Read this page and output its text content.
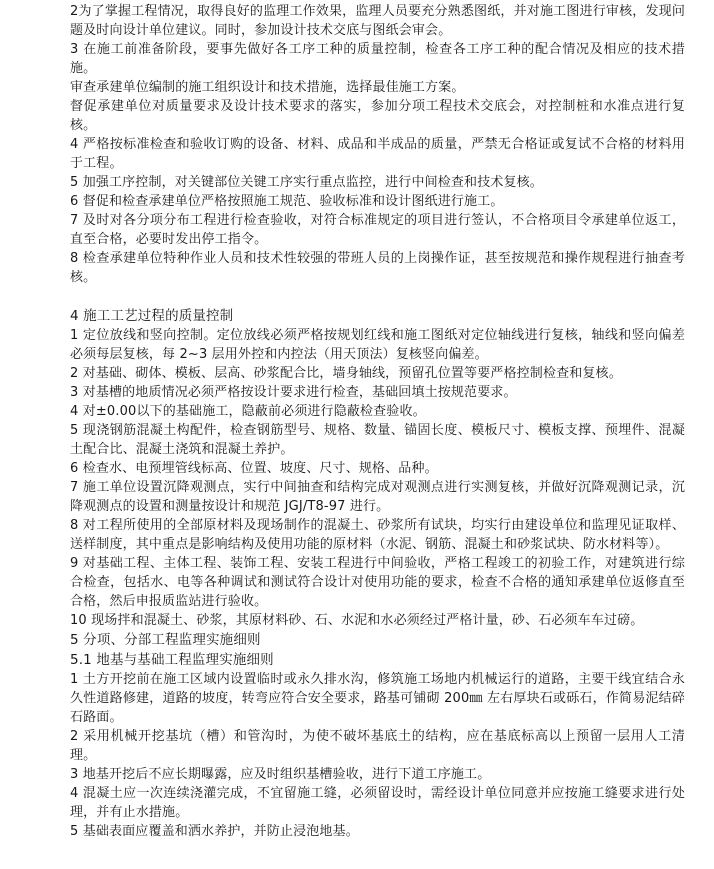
2为了掌握工程情况，取得良好的监理工作效果，监理人员要充分熟悉图纸，并对施工图进行审核，发现问题及时向设计单位建议。同时，参加设计技术交底与图纸会审会。

3 在施工前准备阶段，要事先做好各工序工种的质量控制，检查各工序工种的配合情况及相应的技术措施。

审查承建单位编制的施工组织设计和技术措施，选择最佳施工方案。

督促承建单位对质量要求及设计技术要求的落实，参加分项工程技术交底会，对控制桩和水准点进行复核。

4 严格按标准检查和验收订购的设备、材料、成品和半成品的质量，严禁无合格证或复试不合格的材料用于工程。

5 加强工序控制，对关键部位关键工序实行重点监控，进行中间检查和技术复核。

6 督促和检查承建单位严格按照施工规范、验收标准和设计图纸进行施工。

7 及时对各分项分布工程进行检查验收，对符合标准规定的项目进行签认，不合格项目令承建单位返工，直至合格，必要时发出停工指令。

8 检查承建单位特种作业人员和技术性较强的带班人员的上岗操作证，甚至按规范和操作规程进行抽查考核。

4 施工工艺过程的质量控制

1 定位放线和竖向控制。定位放线必须严格按规划红线和施工图纸对定位轴线进行复核，轴线和竖向偏差必须每层复核，每 2~3 层用外控和内控法（用天顶法）复核竖向偏差。

2 对基础、砌体、模板、层高、砂浆配合比，墙身轴线，预留孔位置等要严格控制检查和复核。

3 对基槽的地质情况必须严格按设计要求进行检查，基础回填土按规范要求。

4 对±0.00以下的基础施工，隐蔽前必须进行隐蔽检查验收。

5 现浇钢筋混凝土构配件，检查钢筋型号、规格、数量、锚固长度、模板尺寸、模板支撑、预埋件、混凝土配合比、混凝土浇筑和混凝土养护。

6 检查水、电预埋管线标高、位置、坡度、尺寸、规格、品种。

7 施工单位设置沉降观测点，实行中间抽查和结构完成对观测点进行实测复核，并做好沉降观测记录，沉降观测点的设置和测量按设计和规范 JGJ/T8-97 进行。

8 对工程所使用的全部原材料及现场制作的混凝土、砂浆所有试块，均实行由建设单位和监理见证取样、送样制度，其中重点是影响结构及使用功能的原材料（水泥、钢筋、混凝土和砂浆试块、防水材料等）。

9 对基础工程、主体工程、装饰工程、安装工程进行中间验收，严格工程竣工的初验工作，对建筑进行综合检查，包括水、电等各种调试和测试符合设计对使用功能的要求，检查不合格的通知承建单位返修直至合格，然后申报质监站进行验收。

10 现场拌和混凝土、砂浆，其原材料砂、石、水泥和水必须经过严格计量，砂、石必须车车过磅。

5 分项、分部工程监理实施细则

5.1 地基与基础工程监理实施细则

1 土方开挖前在施工区域内设置临时或永久排水沟，修筑施工场地内机械运行的道路，主要干线宜结合永久性道路修建，道路的坡度，转弯应符合安全要求，路基可铺砌 200㎜ 左右厚块石或砾石，作简易泥结碎石路面。

2 采用机械开挖基坑（槽）和管沟时，为使不破坏基底土的结构，应在基底标高以上预留一层用人工清理。

3 地基开挖后不应长期曝露，应及时组织基槽验收，进行下道工序施工。

4 混凝土应一次连续浇灌完成，不宜留施工缝，必须留设时，需经设计单位同意并应按施工缝要求进行处理，并有止水措施。

5 基础表面应覆盖和洒水养护，并防止浸泡地基。
